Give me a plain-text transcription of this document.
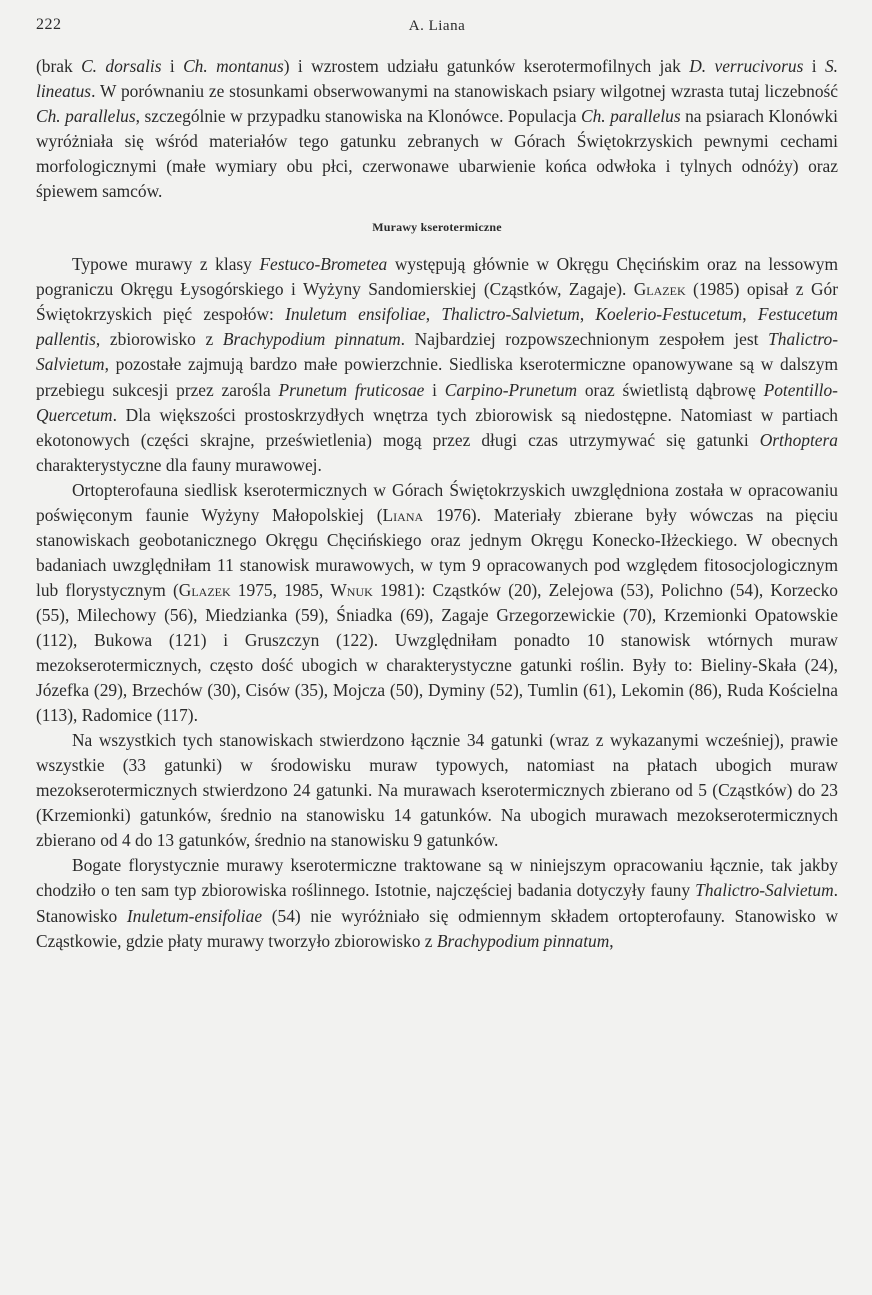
222	A. Liana

(brak C. dorsalis i Ch. montanus) i wzrostem udziału gatunków kserotermofilnych jak D. verrucivorus i S. lineatus. W porównaniu ze stosunkami obserwowanymi na stanowiskach psiary wilgotnej wzrasta tutaj liczebność Ch. parallelus, szczególnie w przypadku stanowiska na Klonówce. Populacja Ch. parallelus na psiarach Klonówki wyróżniała się wśród materiałów tego gatunku zebranych w Górach Świętokrzyskich pewnymi cechami morfologicznymi (małe wymiary obu płci, czerwonawe ubarwienie końca odwłoka i tylnych odnóży) oraz śpiewem samców.

Murawy kserotermiczne

Typowe murawy z klasy Festuco-Brometea występują głównie w Okręgu Chęcińskim oraz na lessowym pograniczu Okręgu Łysogórskiego i Wyżyny Sandomierskiej (Cząstków, Zagaje). Glazek (1985) opisał z Gór Świętokrzyskich pięć zespołów: Inuletum ensifoliae, Thalictro-Salvietum, Koelerio-Festucetum, Festucetum pallentis, zbiorowisko z Brachypodium pinnatum. Najbardziej rozpowszechnionym zespołem jest Thalictro-Salvietum, pozostałe zajmują bardzo małe powierzchnie. Siedliska kserotermiczne opanowywane są w dalszym przebiegu sukcesji przez zarośla Prunetum fruticosae i Carpino-Prunetum oraz świetlistą dąbrowę Potentillo-Quercetum. Dla większości prostoskrzydłych wnętrza tych zbiorowisk są niedostępne. Natomiast w partiach ekotonowych (części skrajne, prześwietlenia) mogą przez długi czas utrzymywać się gatunki Orthoptera charakterystyczne dla fauny murawowej.

Ortopterofauna siedlisk kserotermicznych w Górach Świętokrzyskich uwzględniona została w opracowaniu poświęconym faunie Wyżyny Małopolskiej (Liana 1976). Materiały zbierane były wówczas na pięciu stanowiskach geobotanicznego Okręgu Chęcińskiego oraz jednym Okręgu Konecko-Iłżeckiego. W obecnych badaniach uwzględniłam 11 stanowisk murawowych, w tym 9 opracowanych pod względem fitosocjologicznym lub florystycznym (Glazek 1975, 1985, Wnuk 1981): Cząstków (20), Zelejowa (53), Polichno (54), Korzecko (55), Milechowy (56), Miedzianka (59), Śniadka (69), Zagaje Grzegorzewickie (70), Krzemionki Opatowskie (112), Bukowa (121) i Gruszczyn (122). Uwzględniłam ponadto 10 stanowisk wtórnych muraw mezokserotermicznych, często dość ubogich w charakterystyczne gatunki roślin. Były to: Bieliny-Skała (24), Józefka (29), Brzechów (30), Cisów (35), Mojcza (50), Dyminy (52), Tumlin (61), Lekomin (86), Ruda Kościelna (113), Radomice (117).

Na wszystkich tych stanowiskach stwierdzono łącznie 34 gatunki (wraz z wykazanymi wcześniej), prawie wszystkie (33 gatunki) w środowisku muraw typowych, natomiast na płatach ubogich muraw mezokserotermicznych stwierdzono 24 gatunki. Na murawach kserotermicznych zbierano od 5 (Cząstków) do 23 (Krzemionki) gatunków, średnio na stanowisku 14 gatunków. Na ubogich murawach mezokserotermicznych zbierano od 4 do 13 gatunków, średnio na stanowisku 9 gatunków.

Bogate florystycznie murawy kserotermiczne traktowane są w niniejszym opracowaniu łącznie, tak jakby chodziło o ten sam typ zbiorowiska roślinnego. Istotnie, najczęściej badania dotyczyły fauny Thalictro-Salvietum. Stanowisko Inuletum-ensifoliae (54) nie wyróżniało się odmiennym składem ortopterofauny. Stanowisko w Cząstkowie, gdzie płaty murawy tworzyło zbiorowisko z Brachypodium pinnatum,
